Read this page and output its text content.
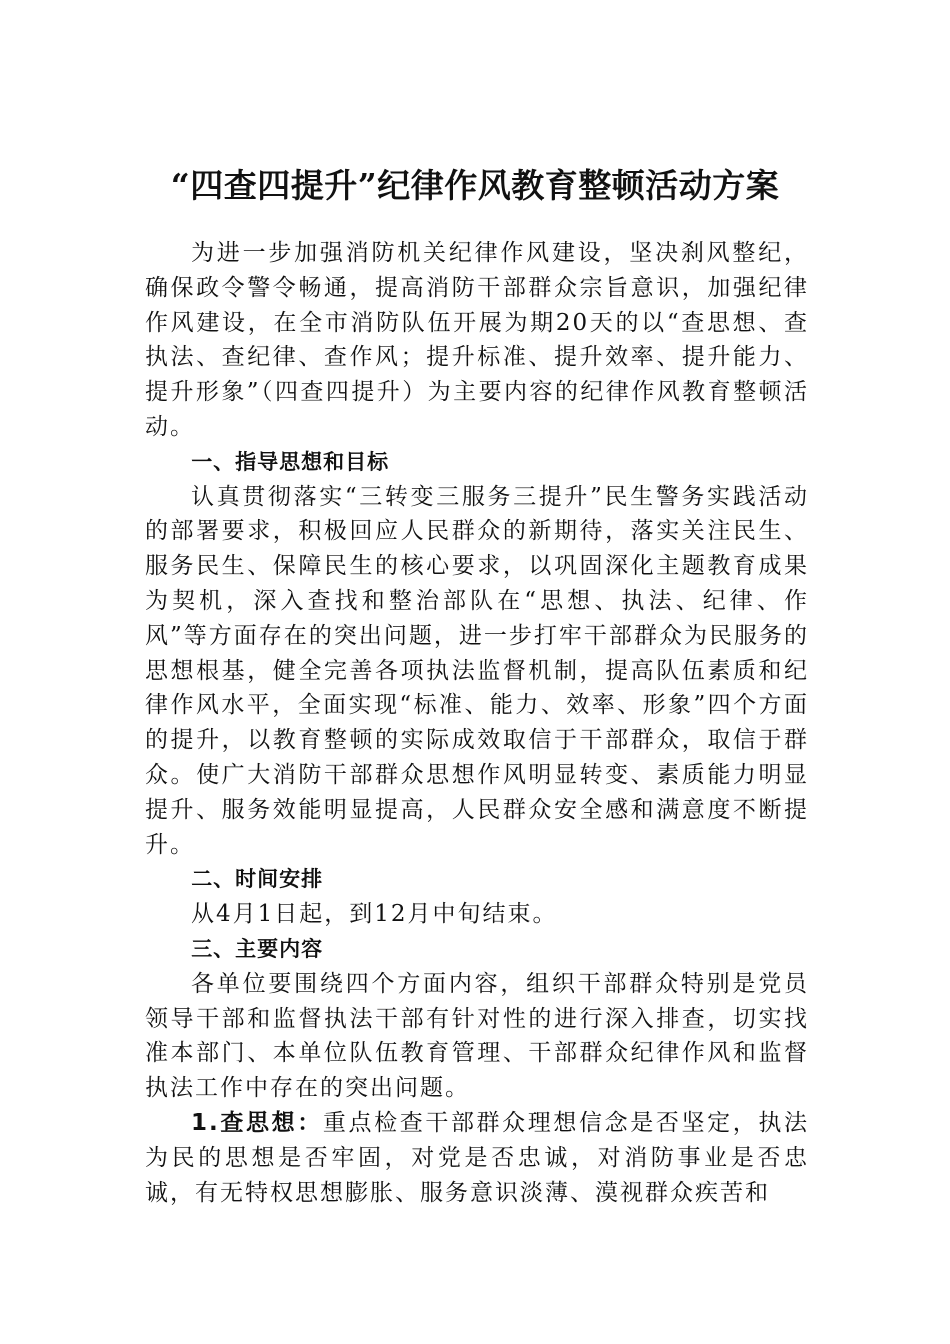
“四查四提升”纪律作风教育整顿活动方案

为进一步加强消防机关纪律作风建设，坚决刹风整纪，确保政令警令畅通，提高消防干部群众宗旨意识，加强纪律作风建设，在全市消防队伍开展为期20天的以“查思想、查执法、查纪律、查作风；提升标准、提升效率、提升能力、提升形象”（四查四提升）为主要内容的纪律作风教育整顿活动。

一、指导思想和目标

认真贯彻落实“三转变三服务三提升”民生警务实践活动的部署要求，积极回应人民群众的新期待，落实关注民生、服务民生、保障民生的核心要求，以巩固深化主题教育成果为契机，深入查找和整治部队在“思想、执法、纪律、作风”等方面存在的突出问题，进一步打牢干部群众为民服务的思想根基，健全完善各项执法监督机制，提高队伍素质和纪律作风水平，全面实现“标准、能力、效率、形象”四个方面的提升，以教育整顿的实际成效取信于干部群众，取信于群众。使广大消防干部群众思想作风明显转变、素质能力明显提升、服务效能明显提高，人民群众安全感和满意度不断提升。

二、时间安排

从4月1日起，到12月中旬结束。

三、主要内容

各单位要围绕四个方面内容，组织干部群众特别是党员领导干部和监督执法干部有针对性的进行深入排查，切实找准本部门、本单位队伍教育管理、干部群众纪律作风和监督执法工作中存在的突出问题。

1.查思想：重点检查干部群众理想信念是否坚定，执法为民的思想是否牢固，对党是否忠诚，对消防事业是否忠诚，有无特权思想膨胀、服务意识淡薄、漠视群众疾苦和
